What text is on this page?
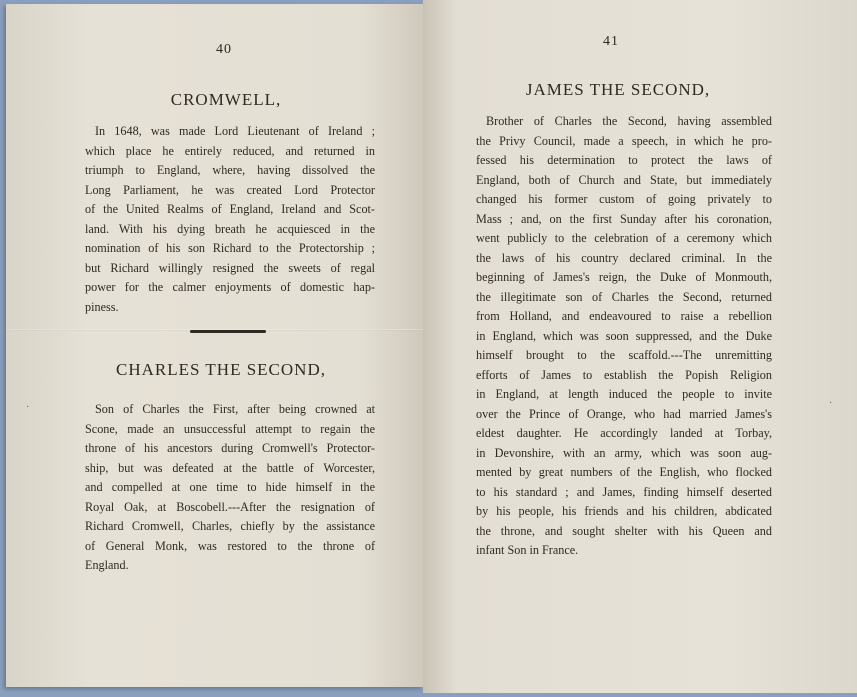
40
CROMWELL,
In 1648, was made Lord Lieutenant of Ireland ;
which place he entirely reduced, and returned in
triumph to England, where, having dissolved the
Long Parliament, he was created Lord Protector
of the United Realms of England, Ireland and Scot-
land. With his dying breath he acquiesced in the
nomination of his son Richard to the Protectorship ;
but Richard willingly resigned the sweets of regal
power for the calmer enjoyments of domestic hap-
piness.
CHARLES THE SECOND,
Son of Charles the First, after being crowned at
Scone, made an unsuccessful attempt to regain the
throne of his ancestors during Cromwell's Protector-
ship, but was defeated at the battle of Worcester,
and compelled at one time to hide himself in the
Royal Oak, at Boscobell.---After the resignation of
Richard Cromwell, Charles, chiefly by the assistance
of General Monk, was restored to the throne of
England.
·
41
JAMES THE SECOND,
Brother of Charles the Second, having assembled
the Privy Council, made a speech, in which he pro-
fessed his determination to protect the laws of
England, both of Church and State, but immediately
changed his former custom of going privately to
Mass ; and, on the first Sunday after his coronation,
went publicly to the celebration of a ceremony which
the laws of his country declared criminal. In the
beginning of James's reign, the Duke of Monmouth,
the illegitimate son of Charles the Second, returned
from Holland, and endeavoured to raise a rebellion
in England, which was soon suppressed, and the Duke
himself brought to the scaffold.---The unremitting
efforts of James to establish the Popish Religion
in England, at length induced the people to invite
over the Prince of Orange, who had married James's
eldest daughter. He accordingly landed at Torbay,
in Devonshire, with an army, which was soon aug-
mented by great numbers of the English, who flocked
to his standard ; and James, finding himself deserted
by his people, his friends and his children, abdicated
the throne, and sought shelter with his Queen and
infant Son in France.
·
